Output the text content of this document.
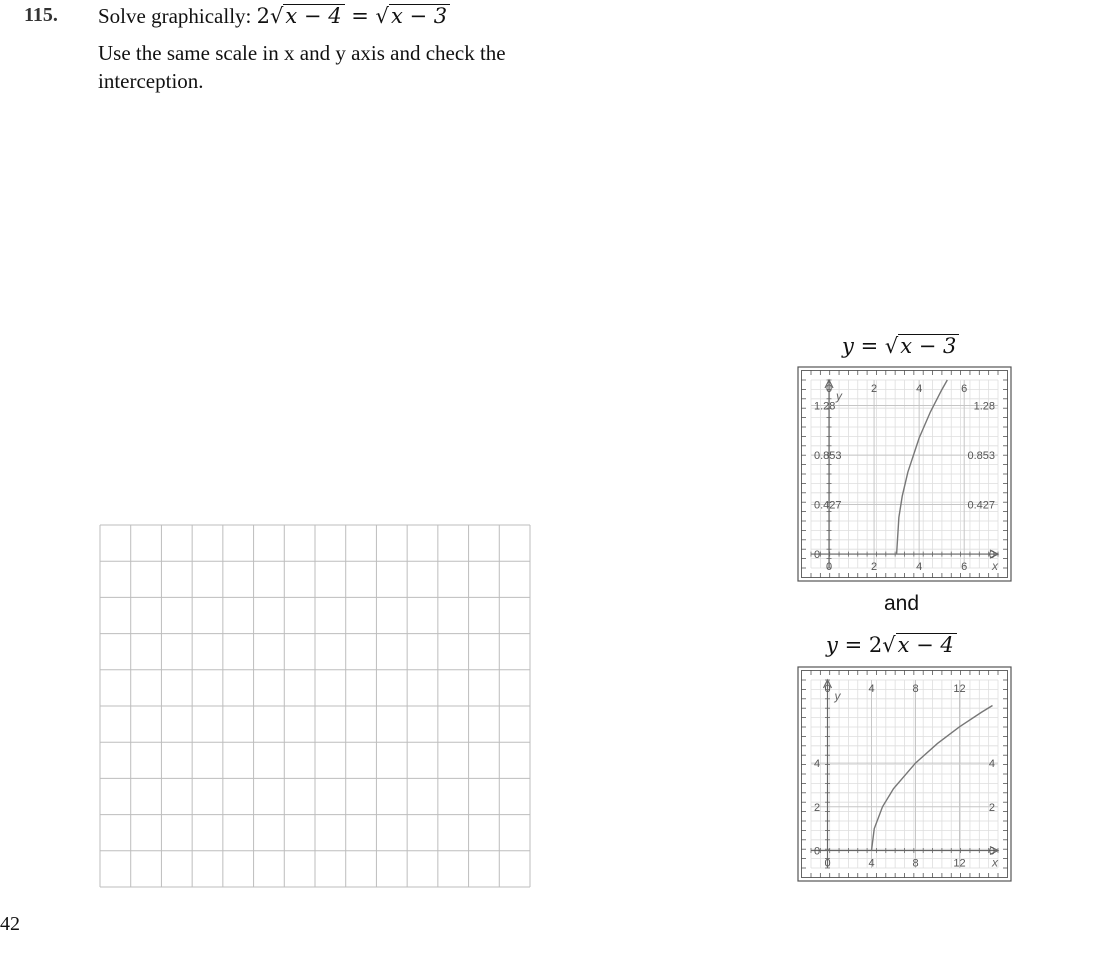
115. Solve graphically: 2√x − 4 = √x − 3
Use the same scale in x and y axis and check the
interception.
y = √x − 3
y
x
0
0
2
2
4
4
6
6
0	0
0.427	0.427
0.853	0.853
1.28	1.28
and
y = 2√x − 4
y
x
0
0
4
4
8
8
12
12
0	0
2	2
4	4
42
